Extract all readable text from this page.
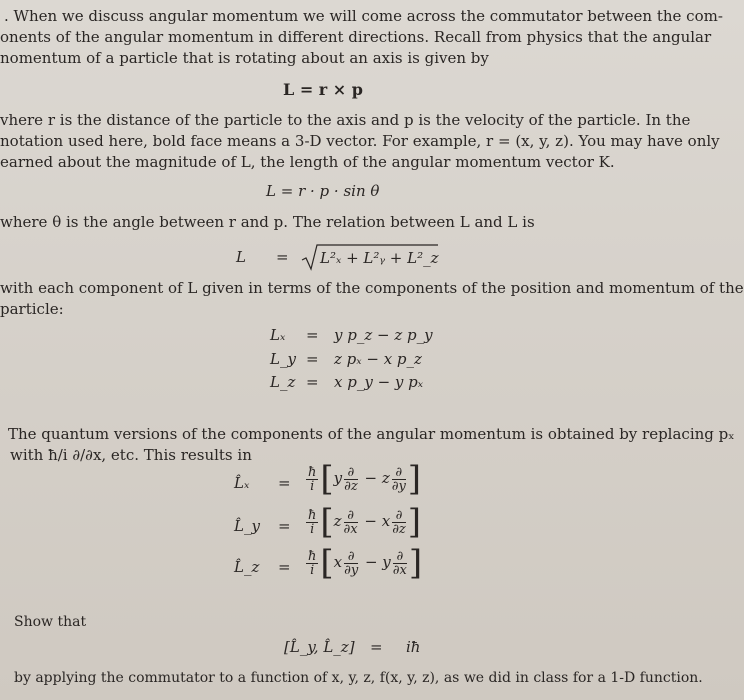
. When we discuss angular momentum we will come across the commutator between the com-
onents of the angular momentum in different directions. Recall from physics that the angular
nomentum of a particle that is rotating about an axis is given by
L = r × p
vhere r is the distance of the particle to the axis and p is the velocity of the particle. In the
notation used here, bold face means a 3-D vector. For example, r = (x, y, z). You may have only
earned about the magnitude of L, the length of the angular momentum vector K.
L = r · p · sin θ
where θ is the angle between r and p. The relation between L and L is
L = L²ₓ + L²ᵧ + L²_z
with each component of L given in terms of the components of the position and momentum of the
particle:
Lₓ = y p_z − z p_y
L_y = z pₓ − x p_z
L_z = x p_y − y pₓ
The quantum versions of the components of the angular momentum is obtained by replacing pₓ
with ħ/i ∂/∂x, etc. This results in
L̂ₓ = $\frac{ħ}{i} [y \frac{\partial}{\partial z} - z \frac{\partial}{\partial y}$ ]
L̂_y = $\frac{ħ}{i} [z \frac{\partial}{\partial x} - x \frac{\partial}{\partial z}$ ]
L̂_z = $\frac{ħ}{i} [x \frac{\partial}{\partial y} - y \frac{\partial}{\partial x}$ ]
Show that
[L̂_y, L̂_z] = iħ
by applying the commutator to a function of x, y, z, f(x, y, z), as we did in class for a 1-D function.
